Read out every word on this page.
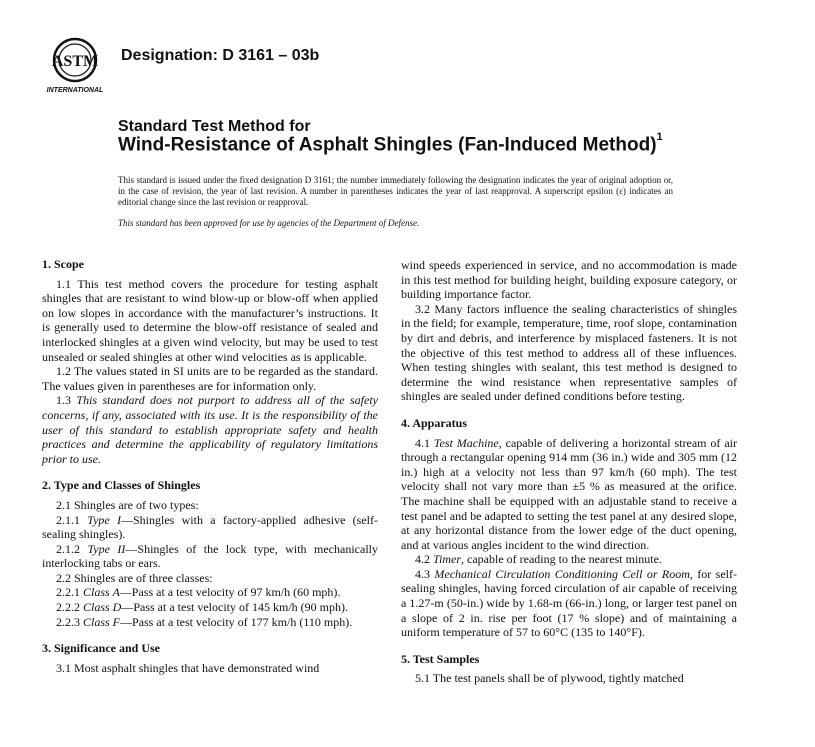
ASTM
INTERNATIONAL
Designation: D 3161 – 03b
Standard Test Method for
Wind-Resistance of Asphalt Shingles (Fan-Induced Method)$^1$
This standard is issued under the fixed designation D 3161; the number immediately following the designation indicates the year of original adoption or, in the case of revision, the year of last revision. A number in parentheses indicates the year of last reapproval. A superscript epsilon (ε) indicates an editorial change since the last revision or reapproval.
This standard has been approved for use by agencies of the Department of Defense.
1. Scope

1.1 This test method covers the procedure for testing asphalt shingles that are resistant to wind blow-up or blow-off when applied on low slopes in accordance with the manufacturer’s instructions. It is generally used to determine the blow-off resistance of sealed and interlocked shingles at a given wind velocity, but may be used to test unsealed or sealed shingles at other wind velocities as is applicable.

1.2 The values stated in SI units are to be regarded as the standard. The values given in parentheses are for information only.

1.3 This standard does not purport to address all of the safety concerns, if any, associated with its use. It is the responsibility of the user of this standard to establish appropriate safety and health practices and determine the applicability of regulatory limitations prior to use.

2. Type and Classes of Shingles

2.1 Shingles are of two types:

2.1.1 Type I—Shingles with a factory-applied adhesive (self-sealing shingles).

2.1.2 Type II—Shingles of the lock type, with mechanically interlocking tabs or ears.

2.2 Shingles are of three classes:

2.2.1 Class A—Pass at a test velocity of 97 km/h (60 mph).

2.2.2 Class D—Pass at a test velocity of 145 km/h (90 mph).

2.2.3 Class F—Pass at a test velocity of 177 km/h (110 mph).

3. Significance and Use

3.1 Most asphalt shingles that have demonstrated wind

wind speeds experienced in service, and no accommodation is made in this test method for building height, building exposure category, or building importance factor.

3.2 Many factors influence the sealing characteristics of shingles in the field; for example, temperature, time, roof slope, contamination by dirt and debris, and interference by misplaced fasteners. It is not the objective of this test method to address all of these influences. When testing shingles with sealant, this test method is designed to determine the wind resistance when representative samples of shingles are sealed under defined conditions before testing.

4. Apparatus

4.1 Test Machine, capable of delivering a horizontal stream of air through a rectangular opening 914 mm (36 in.) wide and 305 mm (12 in.) high at a velocity not less than 97 km/h (60 mph). The test velocity shall not vary more than ±5 % as measured at the orifice. The machine shall be equipped with an adjustable stand to receive a test panel and be adapted to setting the test panel at any desired slope, at any horizontal distance from the lower edge of the duct opening, and at various angles incident to the wind direction.

4.2 Timer, capable of reading to the nearest minute.

4.3 Mechanical Circulation Conditioning Cell or Room, for self-sealing shingles, having forced circulation of air capable of receiving a 1.27-m (50-in.) wide by 1.68-m (66-in.) long, or larger test panel on a slope of 2 in. rise per foot (17 % slope) and of maintaining a uniform temperature of 57 to 60°C (135 to 140°F).

5. Test Samples

5.1 The test panels shall be of plywood, tightly matched
